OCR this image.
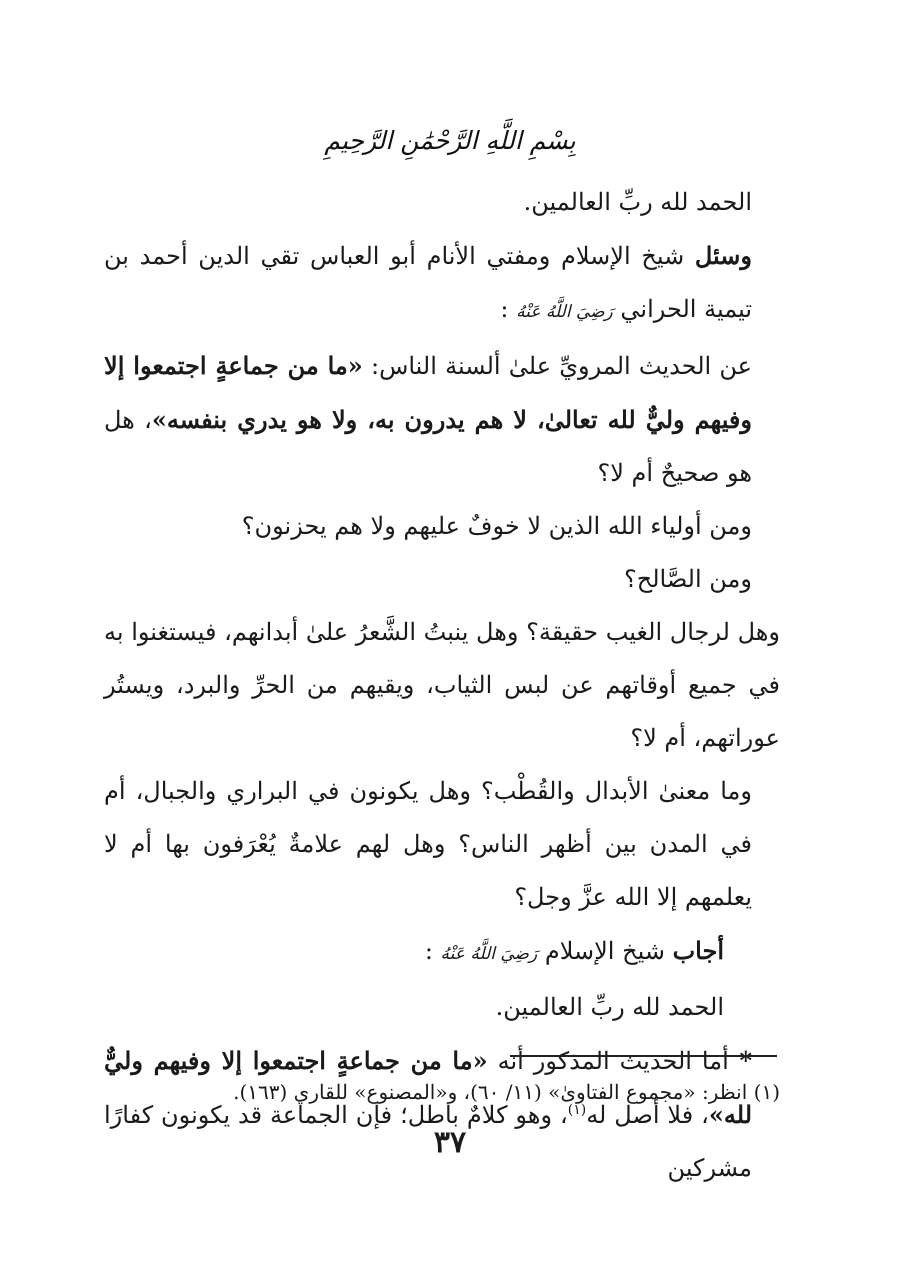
بِسْمِ اللَّهِ الرَّحْمَٰنِ الرَّحِيمِ

الحمد لله ربِّ العالمين.

وسئل شيخ الإسلام ومفتي الأنام أبو العباس تقي الدين أحمد بن تيمية الحراني رَضِيَ اللَّهُ عَنْهُ :

عن الحديث المرويِّ علىٰ ألسنة الناس: «ما من جماعةٍ اجتمعوا إلا وفيهم وليٌّ لله تعالىٰ، لا هم يدرون به، ولا هو يدري بنفسه»، هل هو صحيحٌ أم لا؟

ومن أولياء الله الذين لا خوفٌ عليهم ولا هم يحزنون؟

ومن الصَّالح؟

وهل لرجال الغيب حقيقة؟ وهل ينبتُ الشَّعرُ علىٰ أبدانهم، فيستغنوا به في جميع أوقاتهم عن لبس الثياب، ويقيهم من الحرِّ والبرد، ويستُر عوراتهم، أم لا؟

وما معنىٰ الأبدال والقُطْب؟ وهل يكونون في البراري والجبال، أم في المدن بين أظهر الناس؟ وهل لهم علامةٌ يُعْرَفون بها أم لا يعلمهم إلا الله عزَّ وجل؟

أجاب شيخ الإسلام رَضِيَ اللَّهُ عَنْهُ :

الحمد لله ربِّ العالمين.

* أما الحديث المذكور أنه «ما من جماعةٍ اجتمعوا إلا وفيهم وليٌّ لله»، فلا أصل له$^{(١)}$، وهو كلامٌ باطل؛ فإن الجماعة قد يكونون كفارًا مشركين

(١) انظر: «مجموع الفتاوىٰ» (١١/ ٦٠)، و«المصنوع» للقاري (١٦٣).
٣٧
